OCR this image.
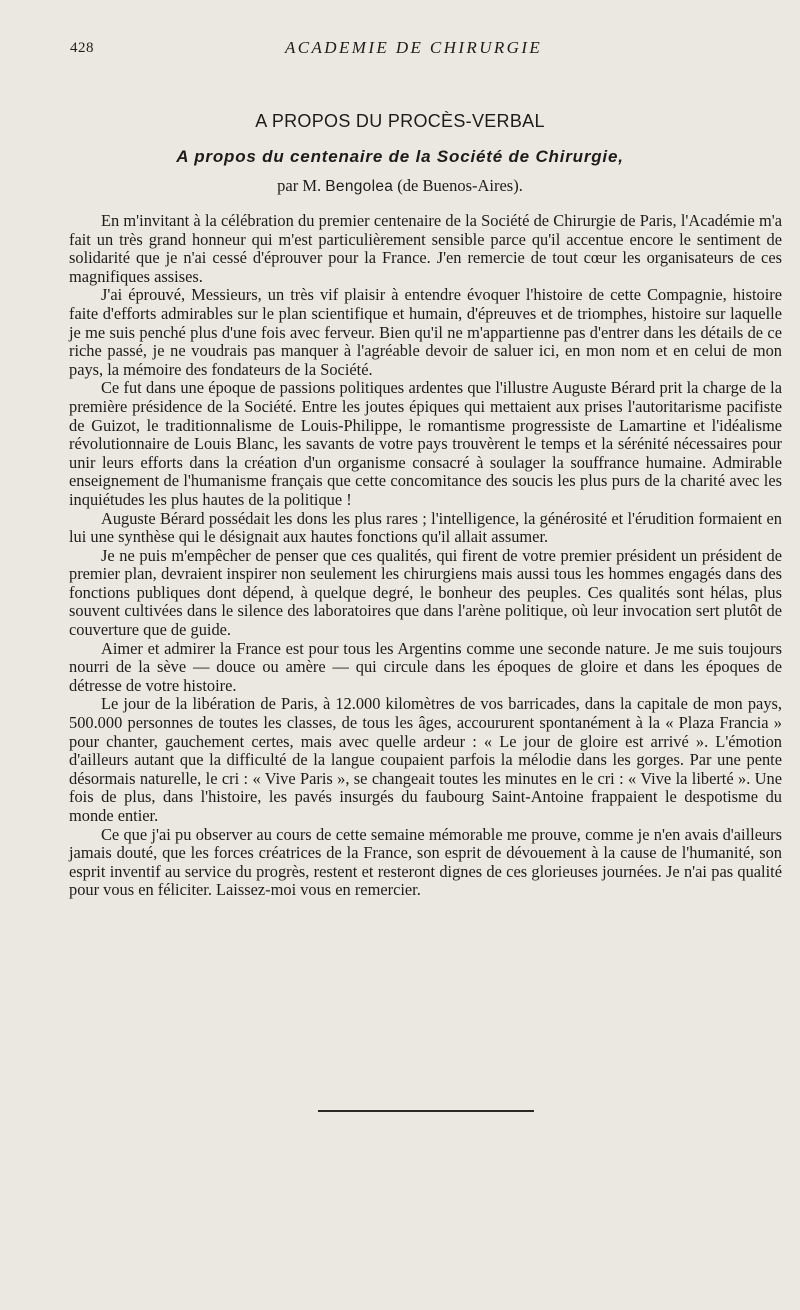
428	ACADEMIE DE CHIRURGIE
A PROPOS DU PROCÈS-VERBAL
A propos du centenaire de la Société de Chirurgie,
par M. Bengolea (de Buenos-Aires).

En m'invitant à la célébration du premier centenaire de la Société de Chirurgie de Paris, l'Académie m'a fait un très grand honneur qui m'est particulièrement sensible parce qu'il accentue encore le sentiment de solidarité que je n'ai cessé d'éprouver pour la France. J'en remercie de tout cœur les organisateurs de ces magnifiques assises.

J'ai éprouvé, Messieurs, un très vif plaisir à entendre évoquer l'histoire de cette Compagnie, histoire faite d'efforts admirables sur le plan scientifique et humain, d'épreuves et de triomphes, histoire sur laquelle je me suis penché plus d'une fois avec ferveur. Bien qu'il ne m'appartienne pas d'entrer dans les détails de ce riche passé, je ne voudrais pas manquer à l'agréable devoir de saluer ici, en mon nom et en celui de mon pays, la mémoire des fondateurs de la Société.

Ce fut dans une époque de passions politiques ardentes que l'illustre Auguste Bérard prit la charge de la première présidence de la Société. Entre les joutes épiques qui mettaient aux prises l'autoritarisme pacifiste de Guizot, le traditionnalisme de Louis-Philippe, le romantisme progressiste de Lamartine et l'idéalisme révolutionnaire de Louis Blanc, les savants de votre pays trouvèrent le temps et la sérénité nécessaires pour unir leurs efforts dans la création d'un organisme consacré à soulager la souffrance humaine. Admirable enseignement de l'humanisme français que cette concomitance des soucis les plus purs de la charité avec les inquiétudes les plus hautes de la politique !

Auguste Bérard possédait les dons les plus rares ; l'intelligence, la générosité et l'érudition formaient en lui une synthèse qui le désignait aux hautes fonctions qu'il allait assumer.

Je ne puis m'empêcher de penser que ces qualités, qui firent de votre premier président un président de premier plan, devraient inspirer non seulement les chirurgiens mais aussi tous les hommes engagés dans des fonctions publiques dont dépend, à quelque degré, le bonheur des peuples. Ces qualités sont hélas, plus souvent cultivées dans le silence des laboratoires que dans l'arène politique, où leur invocation sert plutôt de couverture que de guide.

Aimer et admirer la France est pour tous les Argentins comme une seconde nature. Je me suis toujours nourri de la sève — douce ou amère — qui circule dans les époques de gloire et dans les époques de détresse de votre histoire.

Le jour de la libération de Paris, à 12.000 kilomètres de vos barricades, dans la capitale de mon pays, 500.000 personnes de toutes les classes, de tous les âges, accoururent spontanément à la « Plaza Francia » pour chanter, gauchement certes, mais avec quelle ardeur : « Le jour de gloire est arrivé ». L'émotion d'ailleurs autant que la difficulté de la langue coupaient parfois la mélodie dans les gorges. Par une pente désormais naturelle, le cri : « Vive Paris », se changeait toutes les minutes en le cri : « Vive la liberté ». Une fois de plus, dans l'histoire, les pavés insurgés du faubourg Saint-Antoine frappaient le despotisme du monde entier.

Ce que j'ai pu observer au cours de cette semaine mémorable me prouve, comme je n'en avais d'ailleurs jamais douté, que les forces créatrices de la France, son esprit de dévouement à la cause de l'humanité, son esprit inventif au service du progrès, restent et resteront dignes de ces glorieuses journées. Je n'ai pas qualité pour vous en féliciter. Laissez-moi vous en remercier.
